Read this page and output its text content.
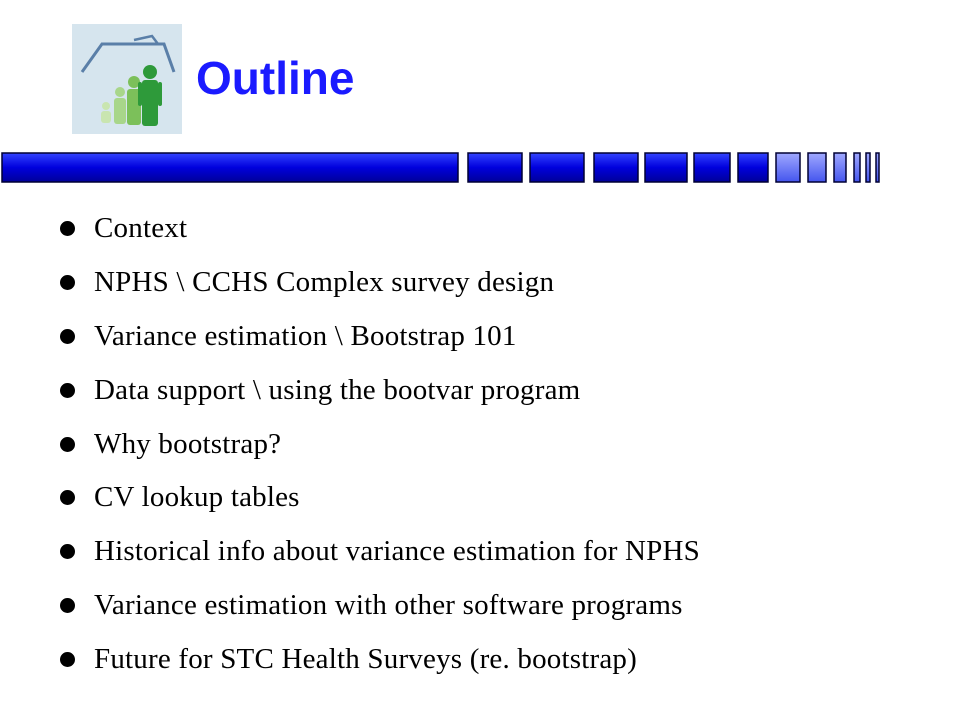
Outline
Context
NPHS \ CCHS Complex survey design
Variance estimation \ Bootstrap 101
Data support \ using the bootvar program
Why bootstrap?
CV lookup tables
Historical info about variance estimation for NPHS
Variance estimation with other software programs
Future for STC Health Surveys (re. bootstrap)
